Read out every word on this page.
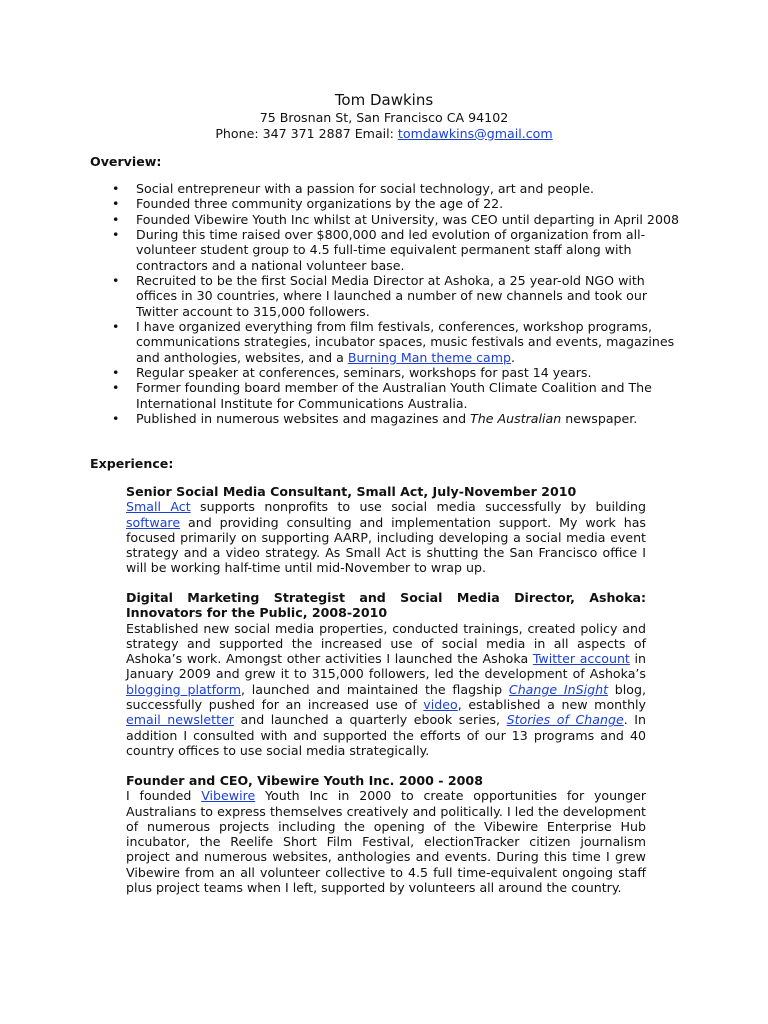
Tom Dawkins
75 Brosnan St, San Francisco CA 94102
Phone: 347 371 2887 Email: tomdawkins@gmail.com
Overview:
• Social entrepreneur with a passion for social technology, art and people.
• Founded three community organizations by the age of 22.
• Founded Vibewire Youth Inc whilst at University, was CEO until departing in April 2008
• During this time raised over $800,000 and led evolution of organization from all-volunteer student group to 4.5 full-time equivalent permanent staff along with contractors and a national volunteer base.
• Recruited to be the first Social Media Director at Ashoka, a 25 year-old NGO with offices in 30 countries, where I launched a number of new channels and took our Twitter account to 315,000 followers.
• I have organized everything from film festivals, conferences, workshop programs, communications strategies, incubator spaces, music festivals and events, magazines and anthologies, websites, and a Burning Man theme camp.
• Regular speaker at conferences, seminars, workshops for past 14 years.
• Former founding board member of the Australian Youth Climate Coalition and The International Institute for Communications Australia.
• Published in numerous websites and magazines and The Australian newspaper.
Experience:
Senior Social Media Consultant, Small Act, July-November 2010
Small Act supports nonprofits to use social media successfully by building software and providing consulting and implementation support. My work has focused primarily on supporting AARP, including developing a social media event strategy and a video strategy. As Small Act is shutting the San Francisco office I will be working half-time until mid-November to wrap up.
Digital Marketing Strategist and Social Media Director, Ashoka: Innovators for the Public, 2008-2010
Established new social media properties, conducted trainings, created policy and strategy and supported the increased use of social media in all aspects of Ashoka’s work. Amongst other activities I launched the Ashoka Twitter account in January 2009 and grew it to 315,000 followers, led the development of Ashoka’s blogging platform, launched and maintained the flagship Change InSight blog, successfully pushed for an increased use of video, established a new monthly email newsletter and launched a quarterly ebook series, Stories of Change. In addition I consulted with and supported the efforts of our 13 programs and 40 country offices to use social media strategically.
Founder and CEO, Vibewire Youth Inc. 2000 - 2008
I founded Vibewire Youth Inc in 2000 to create opportunities for younger Australians to express themselves creatively and politically. I led the development of numerous projects including the opening of the Vibewire Enterprise Hub incubator, the Reelife Short Film Festival, electionTracker citizen journalism project and numerous websites, anthologies and events. During this time I grew Vibewire from an all volunteer collective to 4.5 full time-equivalent ongoing staff plus project teams when I left, supported by volunteers all around the country.
